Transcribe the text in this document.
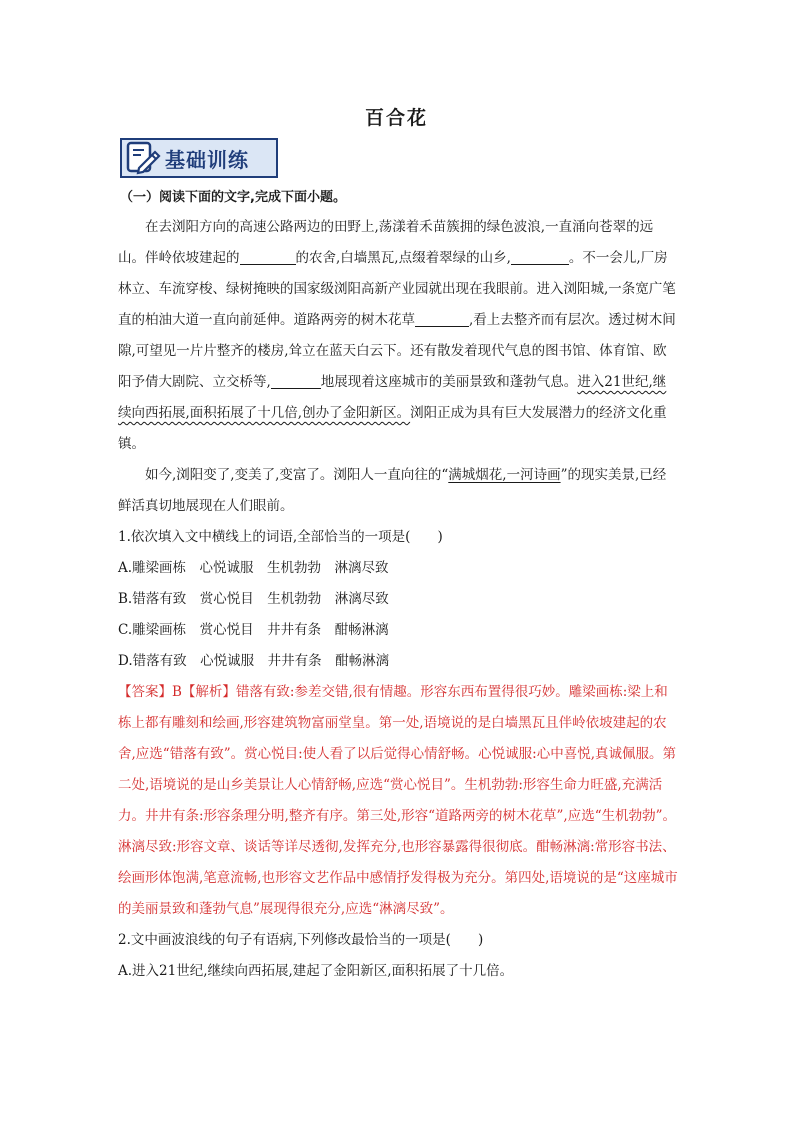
百合花
基础训练
（一）阅读下面的文字,完成下面小题。

在去浏阳方向的高速公路两边的田野上,荡漾着禾苗簇拥的绿色波浪,一直涌向苍翠的远山。伴岭依坡建起的	的农舍,白墙黑瓦,点缀着翠绿的山乡,	。不一会儿,厂房林立、车流穿梭、绿树掩映的国家级浏阳高新产业园就出现在我眼前。进入浏阳城,一条宽广笔直的柏油大道一直向前延伸。道路两旁的树木花草	,看上去整齐而有层次。透过树木间隙,可望见一片片整齐的楼房,耸立在蓝天白云下。还有散发着现代气息的图书馆、体育馆、欧阳予倩大剧院、立交桥等,	地展现着这座城市的美丽景致和蓬勃气息。进入21世纪,继续向西拓展,面积拓展了十几倍,创办了金阳新区。浏阳正成为具有巨大发展潜力的经济文化重镇。

如今,浏阳变了,变美了,变富了。浏阳人一直向往的“满城烟花,一河诗画”的现实美景,已经鲜活真切地展现在人们眼前。

1.依次填入文中横线上的词语,全部恰当的一项是(　　)

A.雕梁画栋　心悦诚服　生机勃勃　淋漓尽致

B.错落有致　赏心悦目　生机勃勃　淋漓尽致

C.雕梁画栋　赏心悦目　井井有条　酣畅淋漓

D.错落有致　心悦诚服　井井有条　酣畅淋漓

【答案】B【解析】错落有致:参差交错,很有情趣。形容东西布置得很巧妙。雕梁画栋:梁上和栋上都有雕刻和绘画,形容建筑物富丽堂皇。第一处,语境说的是白墙黑瓦且伴岭依坡建起的农舍,应选“错落有致”。赏心悦目:使人看了以后觉得心情舒畅。心悦诚服:心中喜悦,真诚佩服。第二处,语境说的是山乡美景让人心情舒畅,应选“赏心悦目”。生机勃勃:形容生命力旺盛,充满活力。井井有条:形容条理分明,整齐有序。第三处,形容“道路两旁的树木花草”,应选“生机勃勃”。淋漓尽致:形容文章、谈话等详尽透彻,发挥充分,也形容暴露得很彻底。酣畅淋漓:常形容书法、绘画形体饱满,笔意流畅,也形容文艺作品中感情抒发得极为充分。第四处,语境说的是“这座城市的美丽景致和蓬勃气息”展现得很充分,应选“淋漓尽致”。

2.文中画波浪线的句子有语病,下列修改最恰当的一项是(　　)

A.进入21世纪,继续向西拓展,建起了金阳新区,面积拓展了十几倍。
